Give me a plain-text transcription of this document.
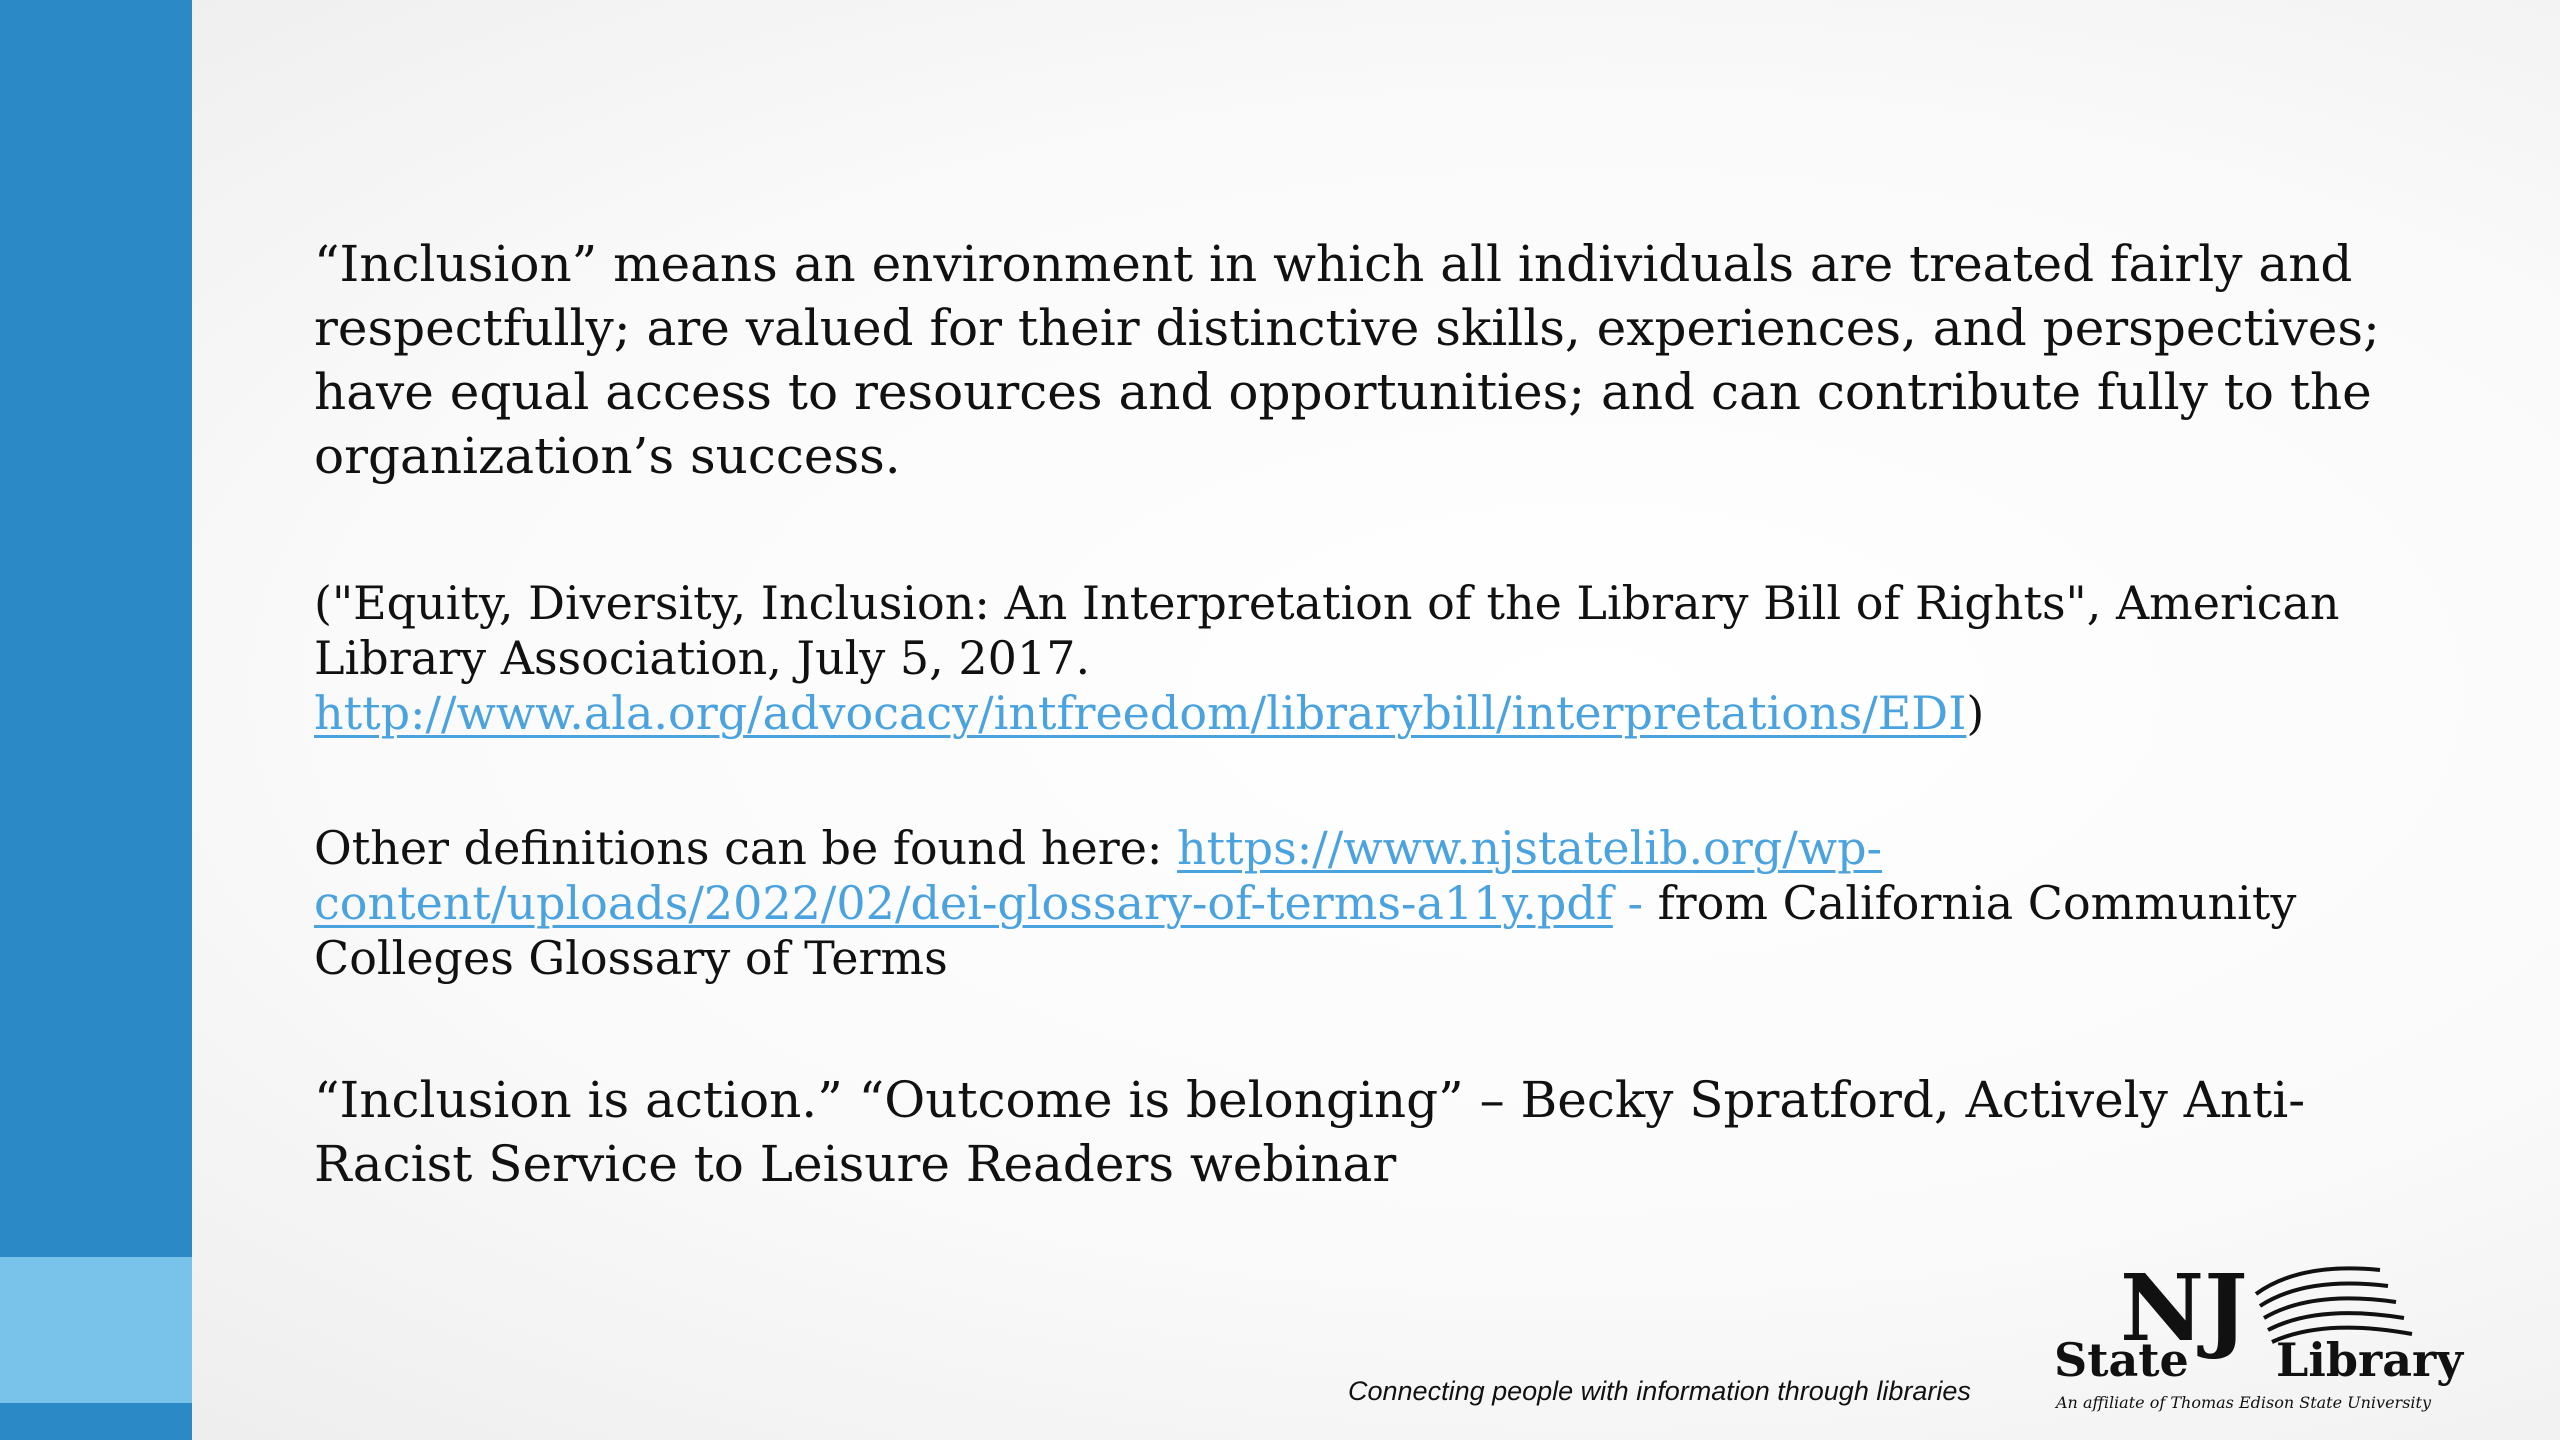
“Inclusion” means an environment in which all individuals are treated fairly and respectfully; are valued for their distinctive skills, experiences, and perspectives; have equal access to resources and opportunities; and can contribute fully to the organization’s success.

("Equity, Diversity, Inclusion: An Interpretation of the Library Bill of Rights", American Library Association, July 5, 2017.
http://www.ala.org/advocacy/intfreedom/librarybill/interpretations/EDI)

Other definitions can be found here: https://www.njstatelib.org/wp-content/uploads/2022/02/dei-glossary-of-terms-a11y.pdf - from California Community Colleges Glossary of Terms

“Inclusion is action.” “Outcome is belonging” – Becky Spratford, Actively Anti-Racist Service to Leisure Readers webinar

Connecting people with information through libraries
NJ
State Library
An affiliate of Thomas Edison State University
